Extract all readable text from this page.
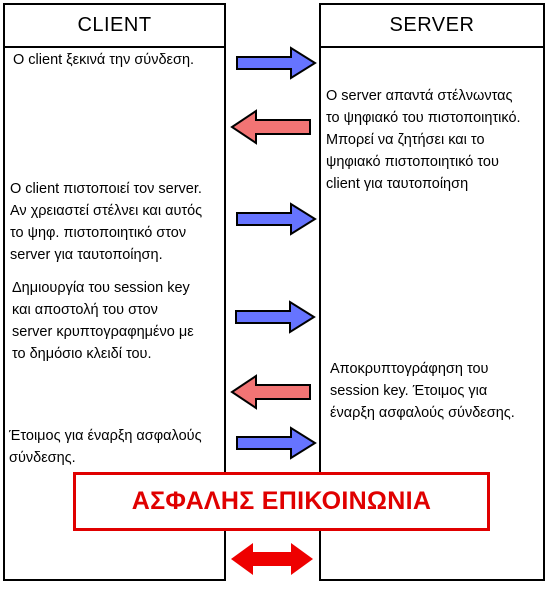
CLIENT	SERVER
Ο client ξεκινά την σύνδεση.
Ο client πιστοποιεί τον server.
Αν χρειαστεί στέλνει και αυτός
το ψηφ. πιστοποιητικό στον
server για ταυτοποίηση.
Δημιουργία του session key
και αποστολή του στον
server κρυπτογραφημένο με
το δημόσιο κλειδί του.
Έτοιμος για έναρξη ασφαλούς
σύνδεσης.
Ο server απαντά στέλνωντας
το ψηφιακό του πιστοποιητικό.
Μπορεί να ζητήσει και το
ψηφιακό πιστοποιητικό του
client για ταυτοποίηση
Αποκρυπτογράφηση του
session key. Έτοιμος για
έναρξη ασφαλούς σύνδεσης.
ΑΣΦΑΛΗΣ ΕΠΙΚΟΙΝΩΝΙΑ
